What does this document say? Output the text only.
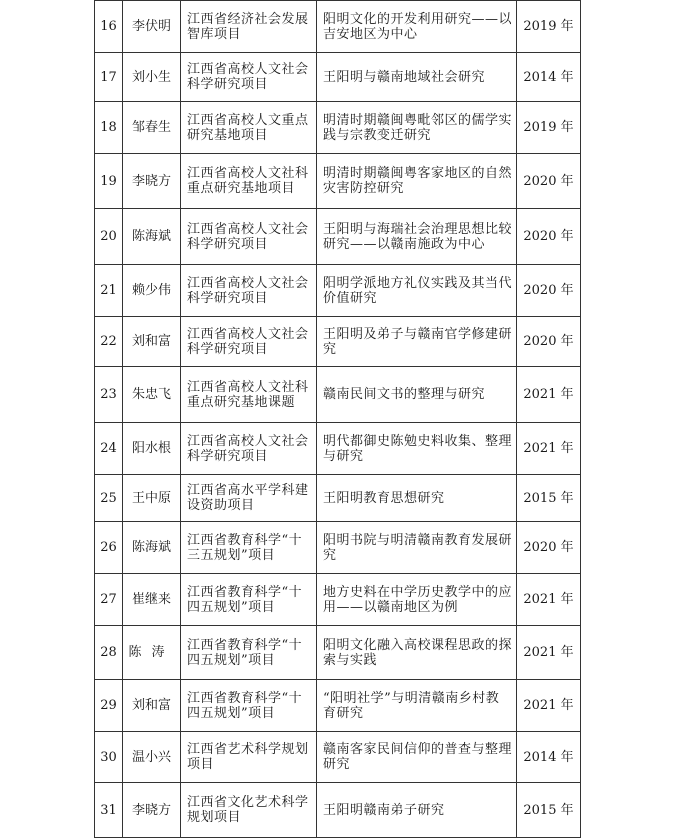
16	李伏明	江西省经济社会发展智库项目	阳明文化的开发利用研究——以吉安地区为中心	2019 年
17	刘小生	江西省高校人文社会科学研究项目	王阳明与赣南地域社会研究	2014 年
18	邹春生	江西省高校人文重点研究基地项目	明清时期赣闽粤毗邻区的儒学实践与宗教变迁研究	2019 年
19	李晓方	江西省高校人文社科重点研究基地项目	明清时期赣闽粤客家地区的自然灾害防控研究	2020 年
20	陈海斌	江西省高校人文社会科学研究项目	王阳明与海瑞社会治理思想比较研究——以赣南施政为中心	2020 年
21	赖少伟	江西省高校人文社会科学研究项目	阳明学派地方礼仪实践及其当代价值研究	2020 年
22	刘和富	江西省高校人文社会科学研究项目	王阳明及弟子与赣南官学修建研究	2020 年
23	朱忠飞	江西省高校人文社科重点研究基地课题	赣南民间文书的整理与研究	2021 年
24	阳水根	江西省高校人文社会科学研究项目	明代都御史陈勉史料收集、整理与研究	2021 年
25	王中原	江西省高水平学科建设资助项目	王阳明教育思想研究	2015 年
26	陈海斌	江西省教育科学“十三五规划”项目	阳明书院与明清赣南教育发展研究	2020 年
27	崔继来	江西省教育科学“十四五规划”项目	地方史料在中学历史教学中的应用——以赣南地区为例	2021 年
28	陈涛	江西省教育科学“十四五规划”项目	阳明文化融入高校课程思政的探索与实践	2021 年
29	刘和富	江西省教育科学“十四五规划”项目	“阳明社学”与明清赣南乡村教育研究	2021 年
30	温小兴	江西省艺术科学规划项目	赣南客家民间信仰的普查与整理研究	2014 年
31	李晓方	江西省文化艺术科学规划项目	王阳明赣南弟子研究	2015 年
